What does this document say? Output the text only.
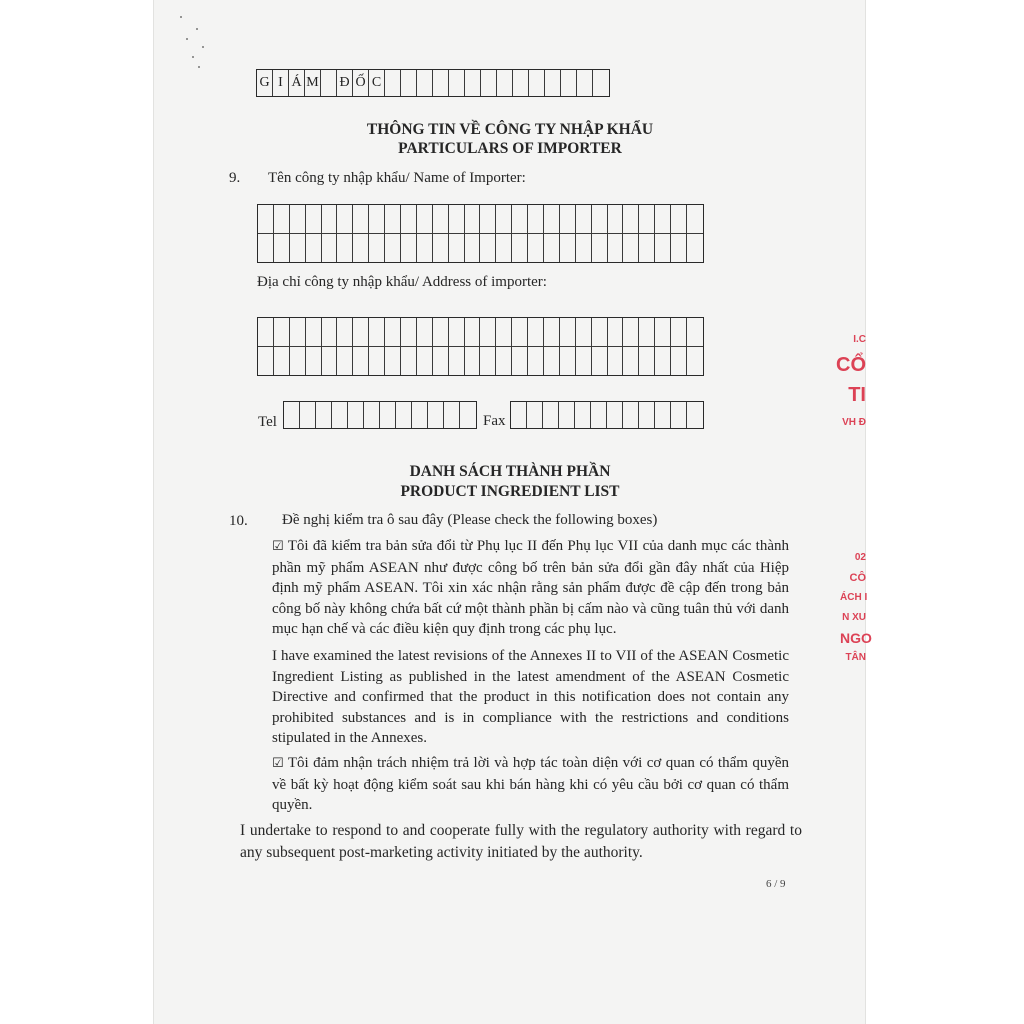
G I Á M Đ Ố C
THÔNG TIN VỀ CÔNG TY NHẬP KHẨU
PARTICULARS OF IMPORTER
9. Tên công ty nhập khẩu/ Name of Importer:
Địa chỉ công ty nhập khẩu/ Address of importer:
Tel	Fax
DANH SÁCH THÀNH PHẦN
PRODUCT INGREDIENT LIST
10. Đề nghị kiểm tra ô sau đây (Please check the following boxes)
☑ Tôi đã kiểm tra bản sửa đổi từ Phụ lục II đến Phụ lục VII của danh mục các thành phần mỹ phẩm ASEAN như được công bố trên bản sửa đổi gần đây nhất của Hiệp định mỹ phẩm ASEAN. Tôi xin xác nhận rằng sản phẩm được đề cập đến trong bản công bố này không chứa bất cứ một thành phần bị cấm nào và cũng tuân thủ với danh mục hạn chế và các điều kiện quy định trong các phụ lục.
I have examined the latest revisions of the Annexes II to VII of the ASEAN Cosmetic Ingredient Listing as published in the latest amendment of the ASEAN Cosmetic Directive and confirmed that the product in this notification does not contain any prohibited substances and is in compliance with the restrictions and conditions stipulated in the Annexes.
☑ Tôi đảm nhận trách nhiệm trả lời và hợp tác toàn diện với cơ quan có thẩm quyền về bất kỳ hoạt động kiểm soát sau khi bán hàng khi có yêu cầu bởi cơ quan có thẩm quyền.
I undertake to respond to and cooperate fully with the regulatory authority with regard to any subsequent post-marketing activity initiated by the authority.
6 / 9
I.C
CỔ
TI
VH Đ
02
CÔ
ÁCH I
N XU
NGO
TÂN
